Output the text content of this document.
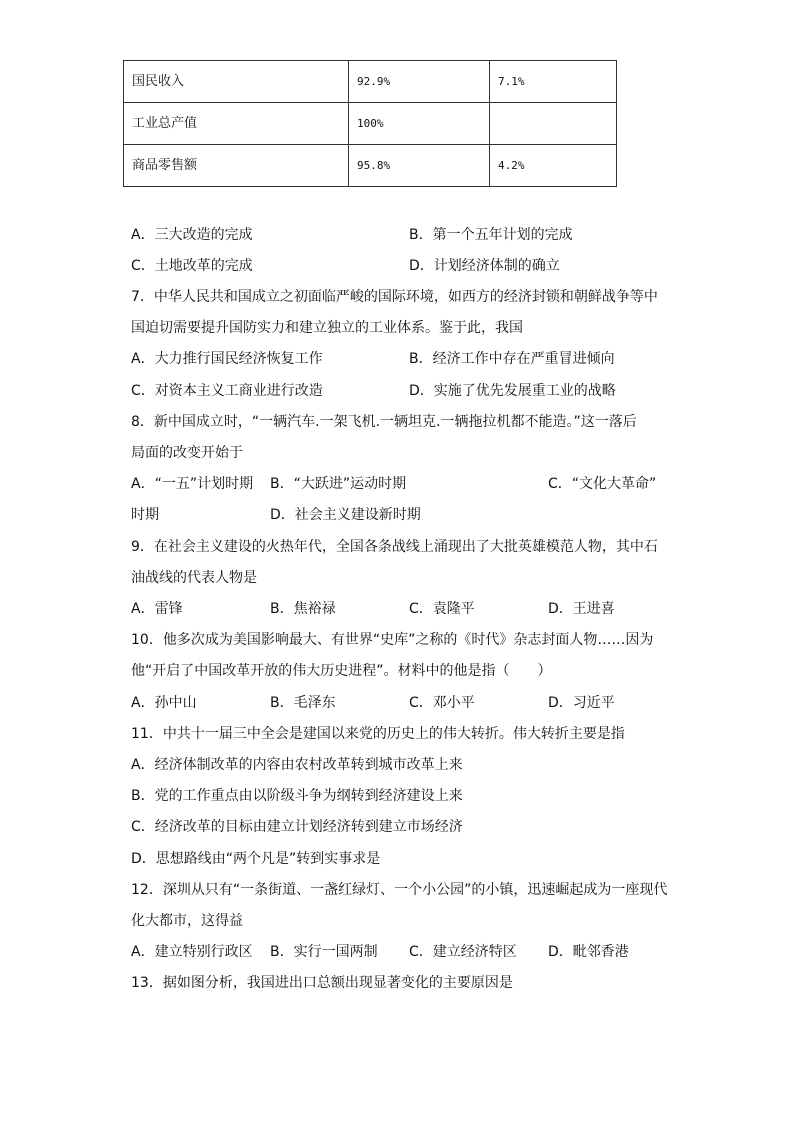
国民收入	92.9%	7.1%
工业总产值	100%	
商品零售额	95.8%	4.2%
A．三大改造的完成	B．第一个五年计划的完成
C．土地改革的完成	D．计划经济体制的确立
7．中华人民共和国成立之初面临严峻的国际环境，如西方的经济封锁和朝鲜战争等中
国迫切需要提升国防实力和建立独立的工业体系。鉴于此，我国
A．大力推行国民经济恢复工作	B．经济工作中存在严重冒进倾向
C．对资本主义工商业进行改造	D．实施了优先发展重工业的战略
8．新中国成立时，“一辆汽车.一架飞机.一辆坦克.一辆拖拉机都不能造。”这一落后
局面的改变开始于
A．“一五”计划时期 B．“大跃进”运动时期	C．“文化大革命”
时期	D．社会主义建设新时期
9．在社会主义建设的火热年代，全国各条战线上涌现出了大批英雄模范人物，其中石
油战线的代表人物是
A．雷锋	B．焦裕禄	C．袁隆平	D．王进喜
10．他多次成为美国影响最大、有世界“史库”之称的《时代》杂志封面人物……因为
他“开启了中国改革开放的伟大历史进程”。材料中的他是指（　　）
A．孙中山	B．毛泽东	C．邓小平	D．习近平
11．中共十一届三中全会是建国以来党的历史上的伟大转折。伟大转折主要是指
A．经济体制改革的内容由农村改革转到城市改革上来
B．党的工作重点由以阶级斗争为纲转到经济建设上来
C．经济改革的目标由建立计划经济转到建立市场经济
D．思想路线由“两个凡是”转到实事求是
12．深圳从只有“一条街道、一盏红绿灯、一个小公园”的小镇，迅速崛起成为一座现代
化大都市，这得益
A．建立特别行政区 B．实行一国两制 C．建立经济特区 D．毗邻香港
13．据如图分析，我国进出口总额出现显著变化的主要原因是
